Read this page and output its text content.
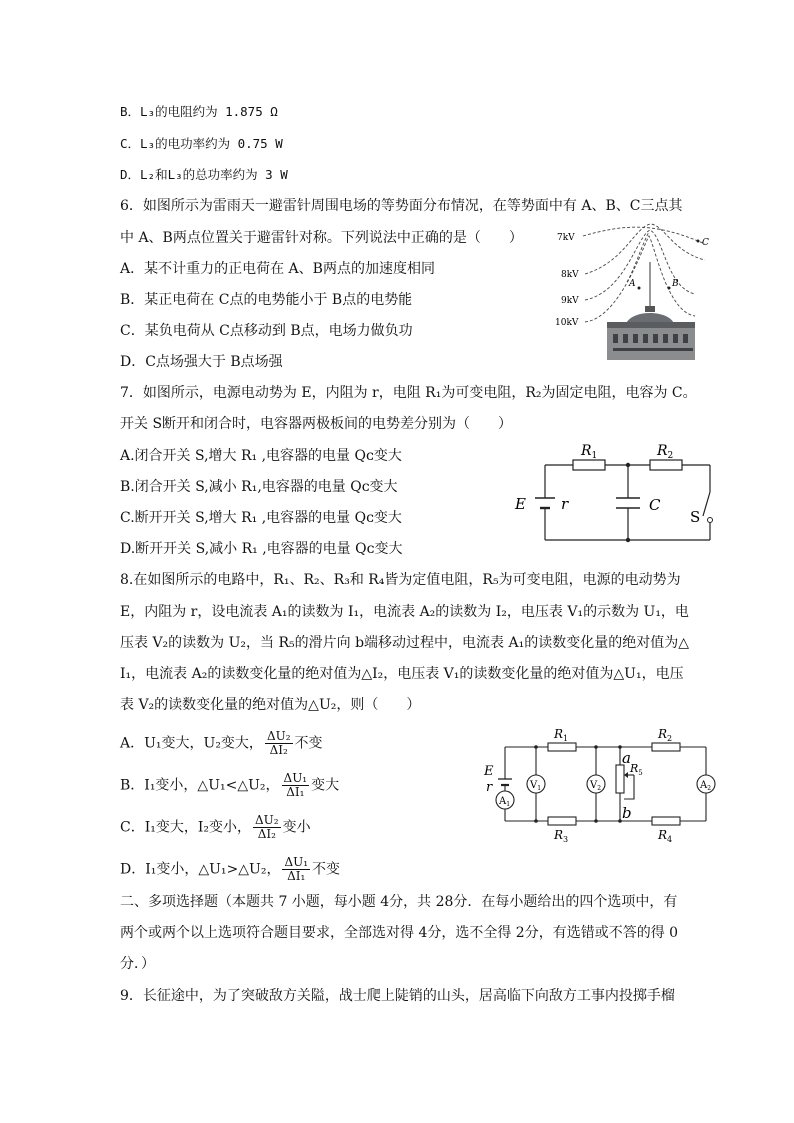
B．L₃的电阻约为 1.875 Ω
C．L₃的电功率约为 0.75 W
D．L₂和L₃的总功率约为 3 W
6．如图所示为雷雨天一避雷针周围电场的等势面分布情况，在等势面中有 A、B、C三点其
中 A、B两点位置关于避雷针对称。下列说法中正确的是（　　）
A．某不计重力的正电荷在 A、B两点的加速度相同
B．某正电荷在 C点的电势能小于 B点的电势能
C．某负电荷从 C点移动到 B点，电场力做负功
D．C点场强大于 B点场强
7kV
8kV
9kV
10kV
A	B
C
7．如图所示，电源电动势为 E，内阻为 r，电阻 R₁为可变电阻，R₂为固定电阻，电容为 C。
开关 S断开和闭合时，电容器两极板间的电势差分别为（　　）
A.闭合开关 S,增大 R₁ ,电容器的电量 Qᴄ变大
B.闭合开关 S,减小 R₁,电容器的电量 Qᴄ变大
C.断开开关 S,增大 R₁ ,电容器的电量 Qᴄ变大
D.断开开关 S,减小 R₁ ,电容器的电量 Qᴄ变大
$R_1$	$R_2$
E r	C
S
8.在如图所示的电路中，R₁、R₂、R₃和 R₄皆为定值电阻，R₅为可变电阻，电源的电动势为
E，内阻为 r，设电流表 A₁的读数为 I₁，电流表 A₂的读数为 I₂，电压表 V₁的示数为 U₁，电
压表 V₂的读数为 U₂，当 R₅的滑片向 b端移动过程中，电流表 A₁的读数变化量的绝对值为△
I₁，电流表 A₂的读数变化量的绝对值为△I₂，电压表 V₁的读数变化量的绝对值为△U₁，电压
表 V₂的读数变化量的绝对值为△U₂，则（　　）
A．U₁变大，U₂变大， $\frac{\text{ΔU₂}}{\text{ΔI₂}}$ 不变
B．I₁变小，△U₁<△U₂， $\frac{\text{ΔU₁}}{\text{ΔI₁}}$ 变大
C．I₁变大，I₂变小， $\frac{\text{ΔU₂}}{\text{ΔI₂}}$ 变小
D．I₁变小，△U₁>△U₂， $\frac{\text{ΔU₁}}{\text{ΔI₁}}$ 不变
$A_1$
$V_1$	$V_2$	$A_2$
E
r
$R_1$	$R_2$
$R_3$	$R_4$
$R_5$
a
b
二、多项选择题（本题共 7 小题，每小题 4分，共 28分．在每小题给出的四个选项中，有
两个或两个以上选项符合题目要求，全部选对得 4分，选不全得 2分，有选错或不答的得 0
分．）
9．长征途中，为了突破敌方关隘，战士爬上陡销的山头，居高临下向敌方工事内投掷手榴
